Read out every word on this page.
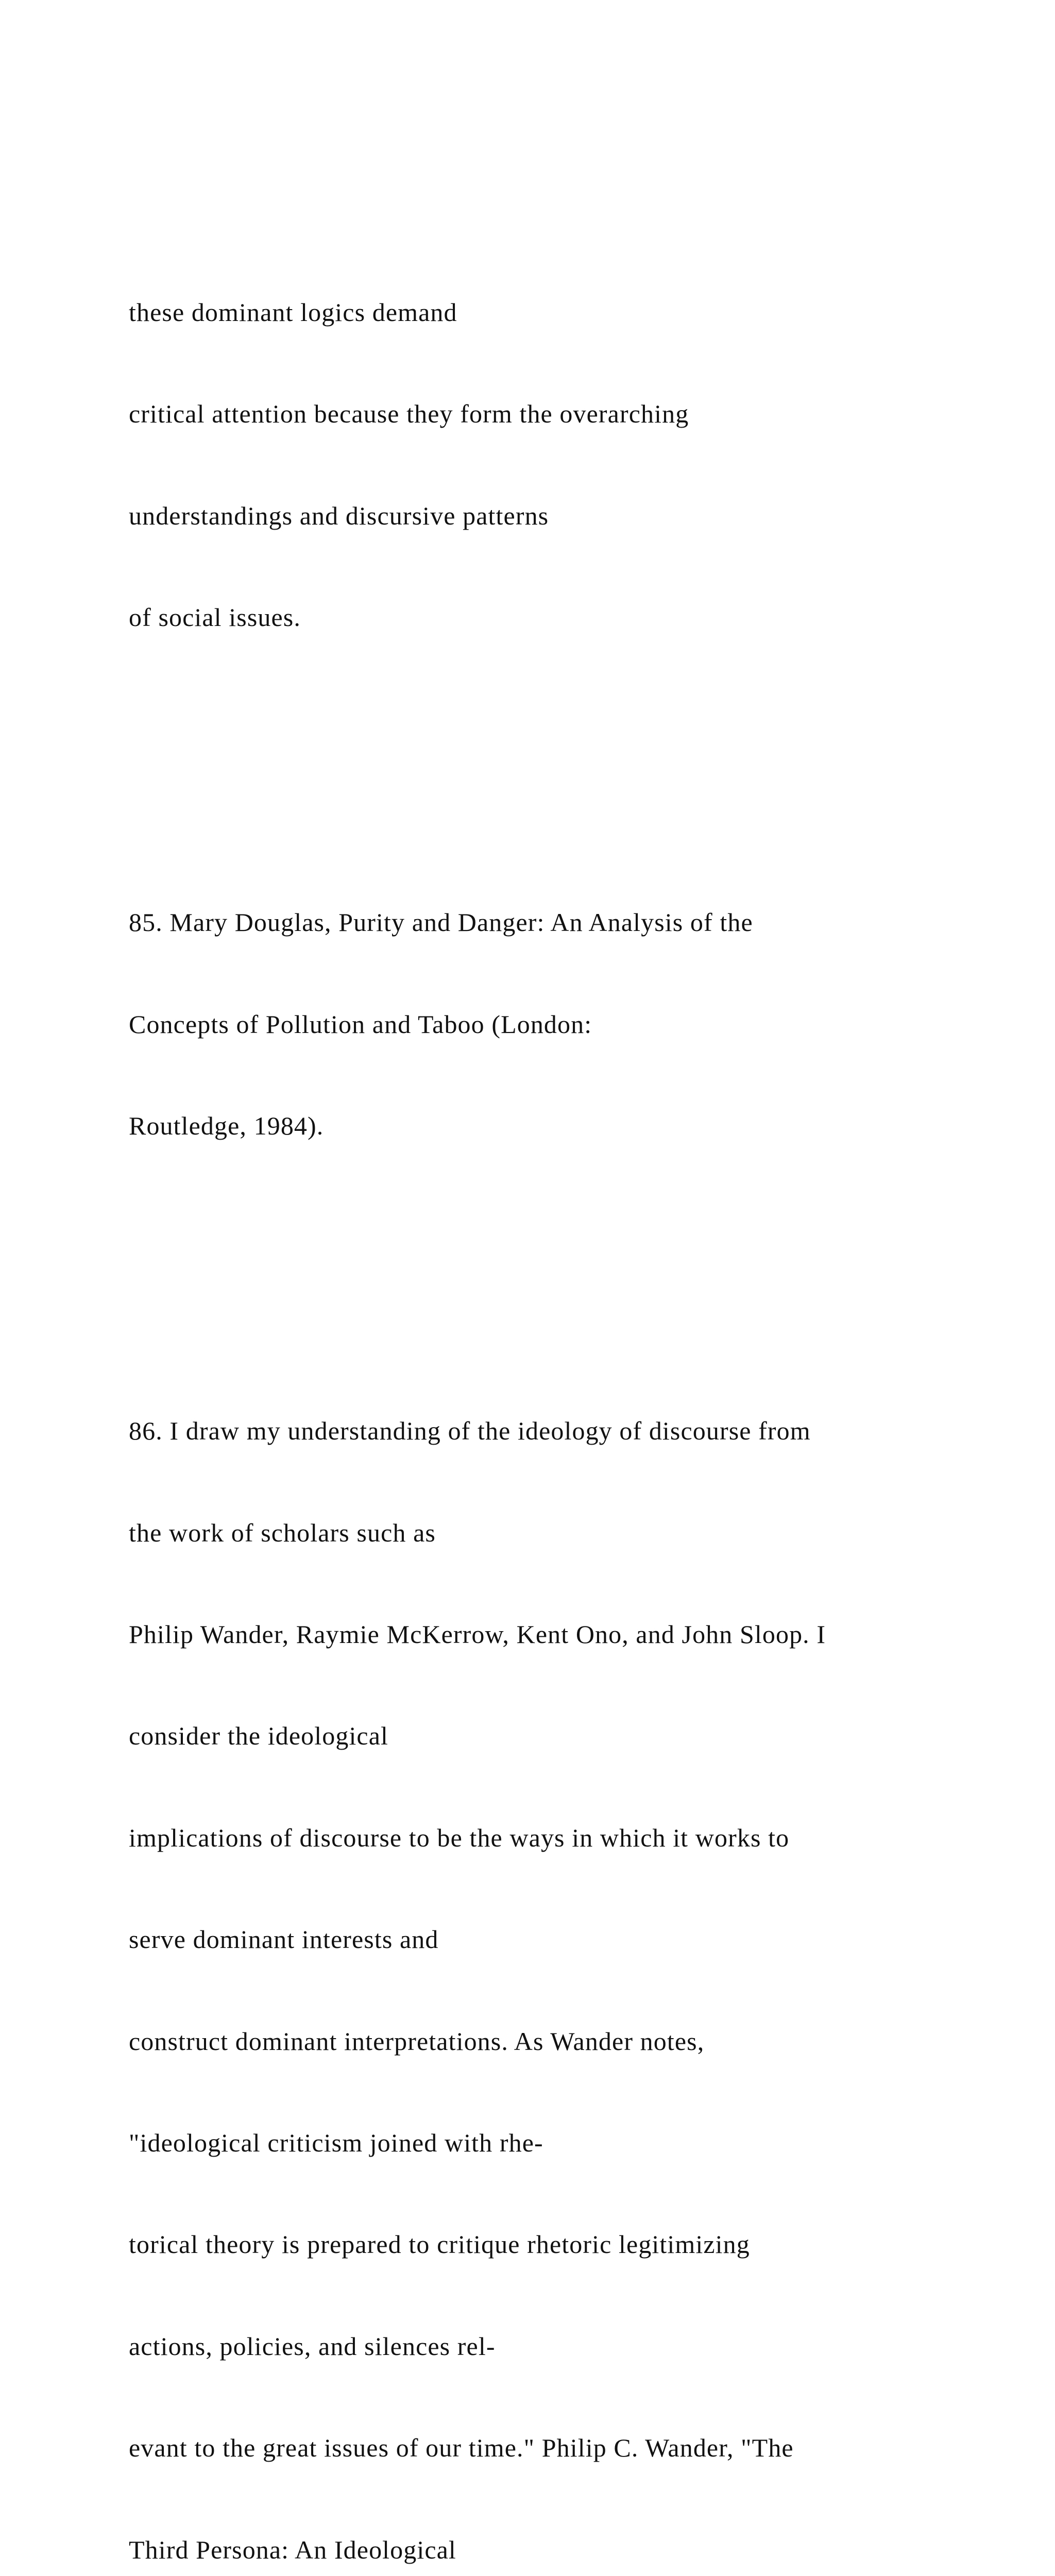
these dominant logics demand

critical attention because they form the overarching

understandings and discursive patterns

of social issues.

85. Mary Douglas, Purity and Danger: An Analysis of the

Concepts of Pollution and Taboo (London:

Routledge, 1984).

86. I draw my understanding of the ideology of discourse from

the work of scholars such as

Philip Wander, Raymie McKerrow, Kent Ono, and John Sloop. I

consider the ideological

implications of discourse to be the ways in which it works to

serve dominant interests and

construct dominant interpretations. As Wander notes,

"ideological criticism joined with rhe-

torical theory is prepared to critique rhetoric legitimizing

actions, policies, and silences rel-

evant to the great issues of our time." Philip C. Wander, "The

Third Persona: An Ideological
